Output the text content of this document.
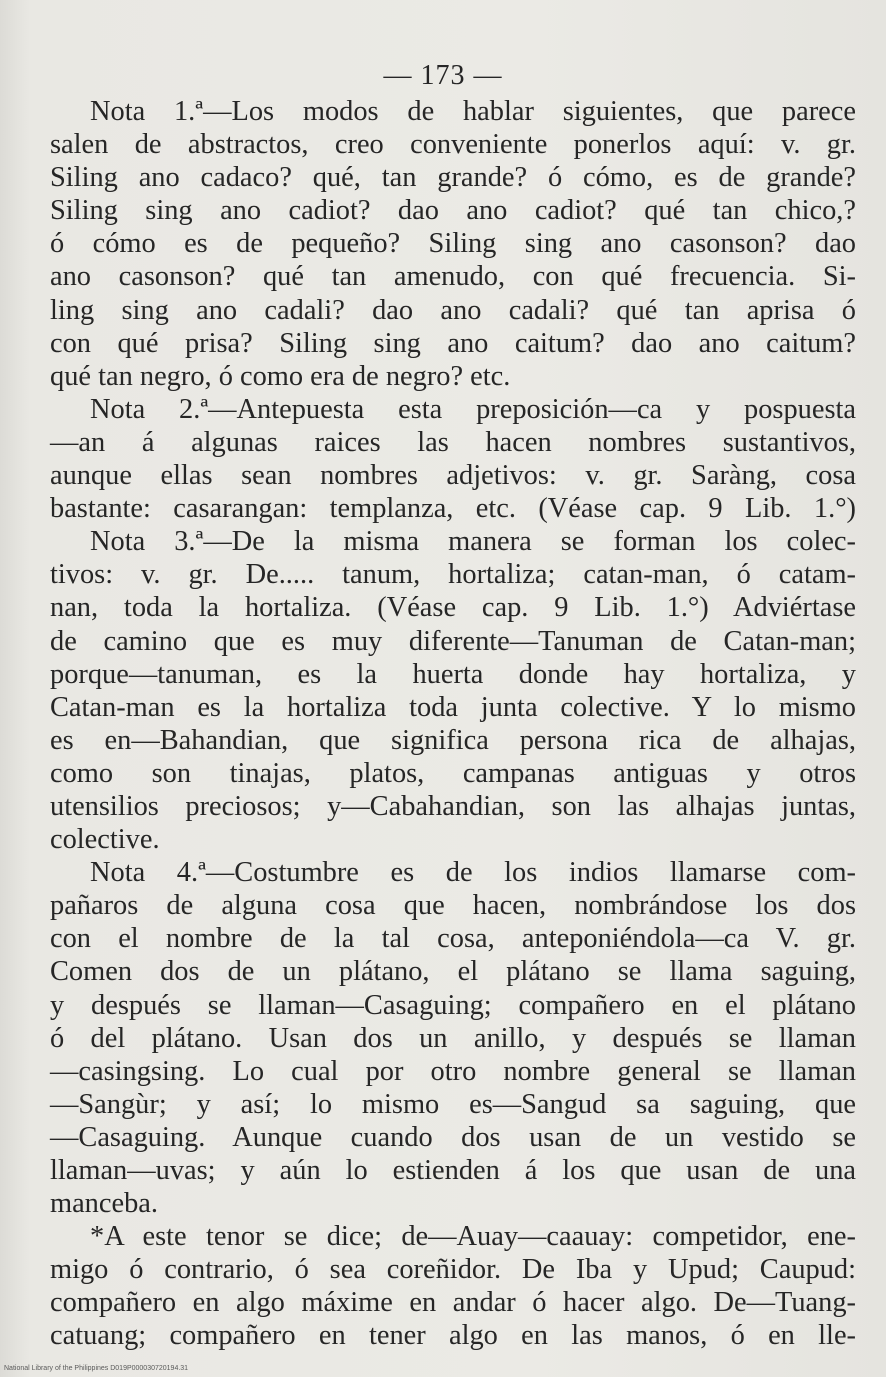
— 173 —
Nota 1.ª—Los modos de hablar siguientes, que parece
salen de abstractos, creo conveniente ponerlos aquí: v. gr.
Siling ano cadaco? qué, tan grande? ó cómo, es de grande?
Siling sing ano cadiot? dao ano cadiot? qué tan chico,?
ó cómo es de pequeño? Siling sing ano casonson? dao
ano casonson? qué tan amenudo, con qué frecuencia. Si-
ling sing ano cadali? dao ano cadali? qué tan aprisa ó
con qué prisa? Siling sing ano caitum? dao ano caitum?
qué tan negro, ó como era de negro? etc.
Nota 2.ª—Antepuesta esta preposición—ca y pospuesta
—an á algunas raices las hacen nombres sustantivos,
aunque ellas sean nombres adjetivos: v. gr. Saràng, cosa
bastante: casarangan: templanza, etc. (Véase cap. 9 Lib. 1.°)
Nota 3.ª—De la misma manera se forman los colec-
tivos: v. gr. De..... tanum, hortaliza; catan-man, ó catam-
nan, toda la hortaliza. (Véase cap. 9 Lib. 1.°) Adviértase
de camino que es muy diferente—Tanuman de Catan-man;
porque—tanuman, es la huerta donde hay hortaliza, y
Catan-man es la hortaliza toda junta colective. Y lo mismo
es en—Bahandian, que significa persona rica de alhajas,
como son tinajas, platos, campanas antiguas y otros
utensilios preciosos; y—Cabahandian, son las alhajas juntas,
colective.
Nota 4.ª—Costumbre es de los indios llamarse com-
pañaros de alguna cosa que hacen, nombrándose los dos
con el nombre de la tal cosa, anteponiéndola—ca V. gr.
Comen dos de un plátano, el plátano se llama saguing,
y después se llaman—Casaguing; compañero en el plátano
ó del plátano. Usan dos un anillo, y después se llaman
—casingsing. Lo cual por otro nombre general se llaman
—Sangùr; y así; lo mismo es—Sangud sa saguing, que
—Casaguing. Aunque cuando dos usan de un vestido se
llaman—uvas; y aún lo estienden á los que usan de una
manceba.
*A este tenor se dice; de—Auay—caauay: competidor, ene-
migo ó contrario, ó sea coreñidor. De Iba y Upud; Caupud:
compañero en algo máxime en andar ó hacer algo. De—Tuang-
catuang; compañero en tener algo en las manos, ó en lle-
National Library of the Philippines D019P000030720194.31
